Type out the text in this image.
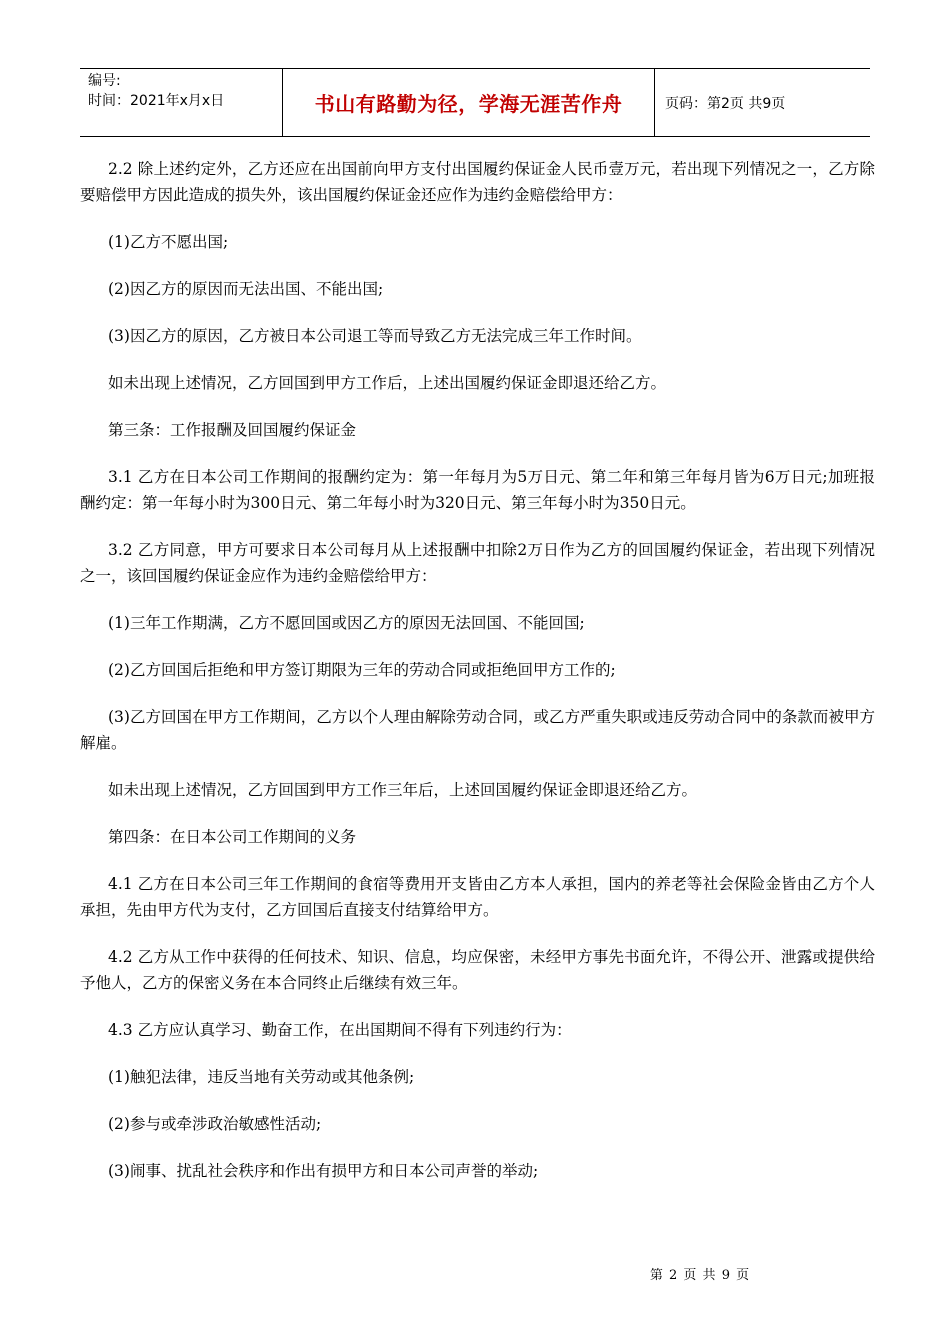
编号:
时间：2021年x月x日	书山有路勤为径，学海无涯苦作舟	页码：第2页 共9页

2.2 除上述约定外，乙方还应在出国前向甲方支付出国履约保证金人民币壹万元，若出现下列情况之一，乙方除要赔偿甲方因此造成的损失外，该出国履约保证金还应作为违约金赔偿给甲方：

(1)乙方不愿出国;

(2)因乙方的原因而无法出国、不能出国;

(3)因乙方的原因，乙方被日本公司退工等而导致乙方无法完成三年工作时间。

如未出现上述情况，乙方回国到甲方工作后，上述出国履约保证金即退还给乙方。

第三条：工作报酬及回国履约保证金

3.1 乙方在日本公司工作期间的报酬约定为：第一年每月为5万日元、第二年和第三年每月皆为6万日元;加班报酬约定：第一年每小时为300日元、第二年每小时为320日元、第三年每小时为350日元。

3.2 乙方同意，甲方可要求日本公司每月从上述报酬中扣除2万日作为乙方的回国履约保证金，若出现下列情况之一，该回国履约保证金应作为违约金赔偿给甲方：

(1)三年工作期满，乙方不愿回国或因乙方的原因无法回国、不能回国;

(2)乙方回国后拒绝和甲方签订期限为三年的劳动合同或拒绝回甲方工作的;

(3)乙方回国在甲方工作期间，乙方以个人理由解除劳动合同，或乙方严重失职或违反劳动合同中的条款而被甲方解雇。

如未出现上述情况，乙方回国到甲方工作三年后，上述回国履约保证金即退还给乙方。

第四条：在日本公司工作期间的义务

4.1 乙方在日本公司三年工作期间的食宿等费用开支皆由乙方本人承担，国内的养老等社会保险金皆由乙方个人承担，先由甲方代为支付，乙方回国后直接支付结算给甲方。

4.2 乙方从工作中获得的任何技术、知识、信息，均应保密，未经甲方事先书面允许，不得公开、泄露或提供给予他人，乙方的保密义务在本合同终止后继续有效三年。

4.3 乙方应认真学习、勤奋工作，在出国期间不得有下列违约行为：

(1)触犯法律，违反当地有关劳动或其他条例;

(2)参与或牵涉政治敏感性活动;

(3)闹事、扰乱社会秩序和作出有损甲方和日本公司声誉的举动;

第 2 页 共 9 页
